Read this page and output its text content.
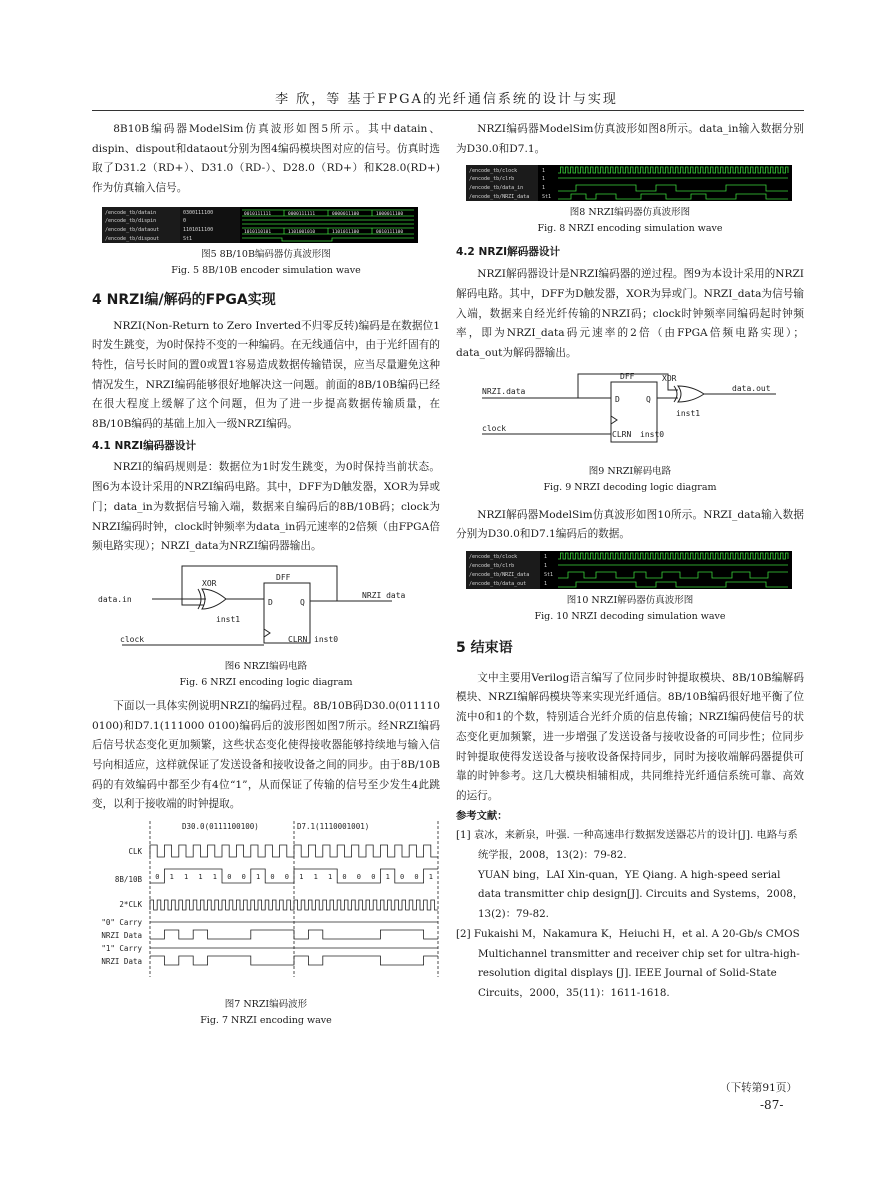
李 欣，等 基于FPGA的光纤通信系统的设计与实现

8B10B编码器ModelSim仿真波形如图5所示。其中datain、dispin、dispout和dataout分别为图4编码模块图对应的信号。仿真时选取了D31.2（RD+）、D31.0（RD-）、D28.0（RD+）和K28.0(RD+)作为仿真输入信号。

/encode_tb/datain
/encode_tb/dispin
/encode_tb/dataout
/encode_tb/dispout
0300111100
0
1101011100
St1
0010111111	0000111111	0000011100	1000011100
1010110101	1101001010	1101011100	0010111100
图5 8B/10B编码器仿真波形图
Fig. 5 8B/10B encoder simulation wave
4 NRZI编/解码的FPGA实现

NRZI(Non-Return to Zero Inverted不归零反转)编码是在数据位1时发生跳变，为0时保持不变的一种编码。在无线通信中，由于光纤固有的特性，信号长时间的置0或置1容易造成数据传输错误，应当尽量避免这种情况发生，NRZI编码能够很好地解决这一问题。前面的8B/10B编码已经在很大程度上缓解了这个问题，但为了进一步提高数据传输质量，在8B/10B编码的基础上加入一级NRZI编码。

4.1 NRZI编码器设计

NRZI的编码规则是：数据位为1时发生跳变，为0时保持当前状态。图6为本设计采用的NRZI编码电路。其中，DFF为D触发器，XOR为异或门；data_in为数据信号输入端，数据来自编码后的8B/10B码；clock为NRZI编码时钟，clock时钟频率为data_in码元速率的2倍频（由FPGA倍频电路实现）；NRZI_data为NRZI编码器输出。

data.in
XOR
DFF
D	Q
NRZI data
inst1
clock	CLRN inst0
图6 NRZI编码电路
Fig. 6 NRZI encoding logic diagram

下面以一具体实例说明NRZI的编码过程。8B/10B码D30.0(011110 0100)和D7.1(111000 0100)编码后的波形图如图7所示。经NRZI编码后信号状态变化更加频繁，这些状态变化使得接收器能够持续地与输入信号向相适应，这样就保证了发送设备和接收设备之间的同步。由于8B/10B码的有效编码中都至少有4位“1”，从而保证了传输的信号至少发生4此跳变，以利于接收端的时钟提取。

D30.0(0111100100)	D7.1(1110001001)
CLK
8B/10B
2*CLK
"0" Carry
NRZI Data
"1" Carry
NRZI Data
0 1 1 1 1 0 0 1 0 0 1 1 1 0 0 0 1 0 0 1
图7 NRZI编码波形
Fig. 7 NRZI encoding wave

NRZI编码器ModelSim仿真波形如图8所示。data_in输入数据分别为D30.0和D7.1。

/encode_tb/clock
/encode_tb/clrb
/encode_tb/data_in
/encode_tb/NRZI_data
1
1
1
St1
图8 NRZI编码器仿真波形图
Fig. 8 NRZI encoding simulation wave
4.2 NRZI解码器设计

NRZI解码器设计是NRZI编码器的逆过程。图9为本设计采用的NRZI解码电路。其中，DFF为D触发器，XOR为异或门。NRZI_data为信号输入端，数据来自经光纤传输的NRZI码；clock时钟频率同编码起时钟频率，即为NRZI_data码元速率的2倍（由FPGA倍频电路实现）；data_out为解码器输出。

NRZI.data
DFF
D	Q
XOR
data.out
inst1
clock
CLRN inst0
图9 NRZI解码电路
Fig. 9 NRZI decoding logic diagram

NRZI解码器ModelSim仿真波形如图10所示。NRZI_data输入数据分别为D30.0和D7.1编码后的数据。

/encode_tb/clock
/encode_tb/clrb
/encode_tb/NRZI_data
/encode_tb/data_out
1
1
St1
1
图10 NRZI解码器仿真波形图
Fig. 10 NRZI decoding simulation wave
5 结束语

文中主要用Verilog语言编写了位同步时钟提取模块、8B/10B编解码模块、NRZI编解码模块等来实现光纤通信。8B/10B编码很好地平衡了位流中0和1的个数，特别适合光纤介质的信息传输；NRZI编码使信号的状态变化更加频繁，进一步增强了发送设备与接收设备的可同步性；位同步时钟提取使得发送设备与接收设备保持同步，同时为接收端解码器提供可靠的时钟参考。这几大模块相辅相成，共同维持光纤通信系统可靠、高效的运行。

参考文献：
[1] 袁冰，来新泉，叶强. 一种高速串行数据发送器芯片的设计[J]. 电路与系统学报，2008，13(2)：79-82.
YUAN bing，LAI Xin-quan，YE Qiang. A high-speed serial data transmitter chip design[J]. Circuits and Systems，2008，13(2)：79-82.
[2] Fukaishi M，Nakamura K，Heiuchi H，et al. A 20-Gb/s CMOS Multichannel transmitter and receiver chip set for ultra-high-resolution digital displays [J]. IEEE Journal of Solid-State Circuits，2000，35(11)：1611-1618.
（下转第91页）
-87-
